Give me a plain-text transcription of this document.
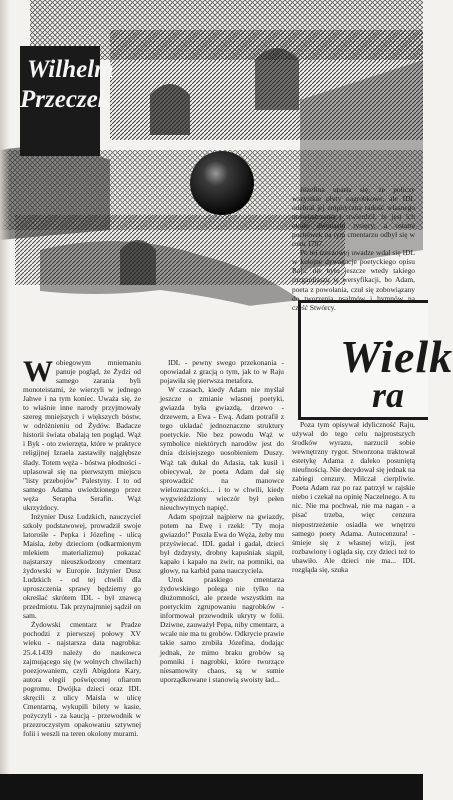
Wilhelm
Przeczek
Wielk
ra

Wobiegowym mniemaniu panuje pogląd, że Żydzi od samego zarania byli monoteistami, że wierzyli w jednego Jahwe i na tym koniec. Uważa się, że to właśnie inne narody przyjmowały szereg mniejszych i większych bóstw, w odróżnieniu od Żydów. Badacze historii świata obalają ten pogląd. Wąż i Byk - oto zwierzęta, które w praktyce religijnej Izraela zastawiły najgłębsze ślady. Totem węża - bóstwa płodności - uplasował się na pierwszym miejscu "listy przebojów" Palestyny. I to od samego Adama uwiedzionego przez węża Seraphа Serafin. Wąż ukrzyżdocy.

Inżynier Dusz Ludzkich, nauczyciel szkoły podstawowej, prowadził swoje latorośle - Pepka i Józefinę - ulicą Maisla, żeby dzieciom (odkarmionym mlekiem materializmu) pokazać najstarszy nieuszkodzony cmentarz żydowski w Europie. Inżynier Dusz Ludzkich - od tej chwili dla uproszczenia sprawy będziemy go określać skrótem IDL - był znawcą przedmiotu. Tak przynajmniej sądził on sam.

Żydowski cmentarz w Pradze pochodzi z pierwszej połowy XV wieku - najstarsza data nagrobka: 25.4.1439 należy do naukowca zajmującego się (w wolnych chwilach) poezjowaniem, czyli Abigdora Kary, autora elegii poświęconej ofiarom pogromu. Dwójka dzieci oraz IDL skręcili z ulicy Maisla w ulicę Cmentarną, wykupili bilety w kasie, pożyczyli - za kaucją - przewodnik w przezroczystym opakowaniu sztywnej folii i weszli na teren okolony murami.

IDL - pewny swego przekonania - opowiadał z gracją o tym, jak to w Raju pojawiła się pierwsza metafora.

W czasach, kiedy Adam nie myślał jeszcze o zmianie własnej poetyki, gwiazda była gwiazdą, drzewo - drzewem, a Ewa - Ewą. Adam potrafił z tego układać jednoznaczne struktury poetyckie. Nie bez powodu Wąż w symbolice niektórych narodów jest do dnia dzisiejszego uosobieniem Duszy. Wąż tak dukał do Adasia, tak kusił i obiecywał, że poeta Adam dał się sprowadzić na manowce wieloznaczności... i to w chwili, kiedy wygwieździony wieczór był pełen nieuchwytnych napięć.

Adam spojrzał najpierw na gwiazdy, potem na Ewę i rzekł: "Ty moja gwiazdo!" Poszła Ewa do Węża, żeby mu przyświecać. IDL gadał i gadał, dzieci był dzdzysty, drobny kapuśniak siąpił, kapało i kapało na żwir, na pomniki, na głowy, na karbid pana nauczyciela.

Urok praskiego cmentarza żydowskiego polega nie tylko na dłużomności, ale przede wszystkim na poetyckim zgrupowaniu nagrobków - informował przewodnik ukryty w folii. Dziwne, zauważył Pepa, niby cmentarz, a wcale nie ma tu grobów. Odkrycie prawie takie samo zrobiła Józefina, dodając jednak, że mimo braku grobów są pomniki i nagrobki, które tworzące niesamowity chaos, są w sumie uporządkowane i stanowią swoisty ład...

Józefina uparła się, że policzy wszystkie płyty nagrobkowe, ale IDL odebrał jej empiryczną radość własnego doświadczenia i stwierdził, że jest ich około dwunastu tysięcy, a ostatni pochówek na tym cmentarzu odbył się w roku 1787.

Po tej rzeczowej uwadze wdał się IDL w kolejne dywagacje poetyckiego opisu Raju: nie było jeszcze wtedy takiego rozgardiaszu w wersyfikacji, bo Adam, poeta z powołania, czuł się zobowiązany do tworzenia psalmów i hymnów na cześć Stwórcy.

Poza tym opisywał idyliczność Raju, używał do tego celu najprostszych środków wyrazu, narzucił sobie wewnętrzny rygor. Stworzona traktował estetykę Adama z daleko posuniętą nieufnością. Nie decydował się jednak na zabiegi cenzury. Milczał cierpliwie. Poeta Adam raz po raz patrzył w rajskie niebo i czekał na opinię Naczelnego. A tu nic. Nie ma pochwał, nie ma nagan - a pisać trzeba, więc cenzura niepostrzeżenie osiadła we wnętrzu samego poety Adama. Autocenzura! - śmieje się z własnej wizji, jest rozbawiony i ogląda się, czy dzieci też to ubawiło. Ale dzieci nie ma... IDL rozgląda się, szuka
